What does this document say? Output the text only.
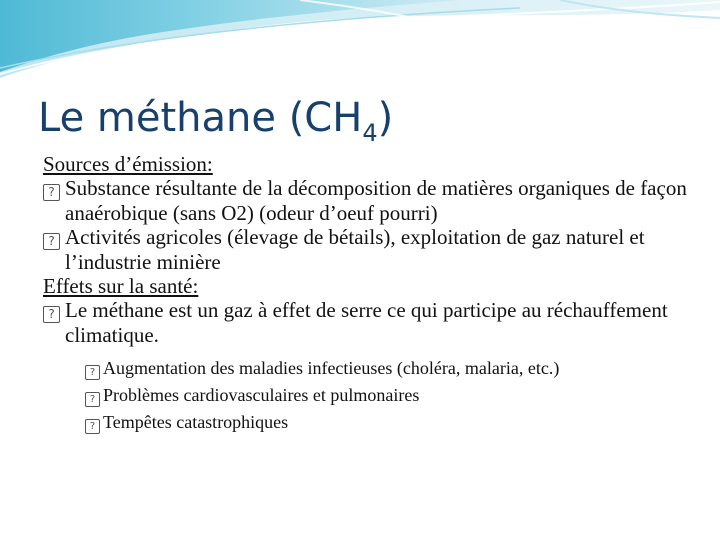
Le méthane $(CH_4)$
Sources d’émission:
? Substance résultante de la décomposition de matières organiques de façon anaérobique (sans O2) (odeur d’oeuf pourri)
? Activités agricoles (élevage de bétails), exploitation de gaz naturel et l’industrie minière
Effets sur la santé:
? Le méthane est un gaz à effet de serre ce qui participe au réchauffement climatique.
? Augmentation des maladies infectieuses (choléra, malaria, etc.)
? Problèmes cardiovasculaires et pulmonaires
? Tempêtes catastrophiques
